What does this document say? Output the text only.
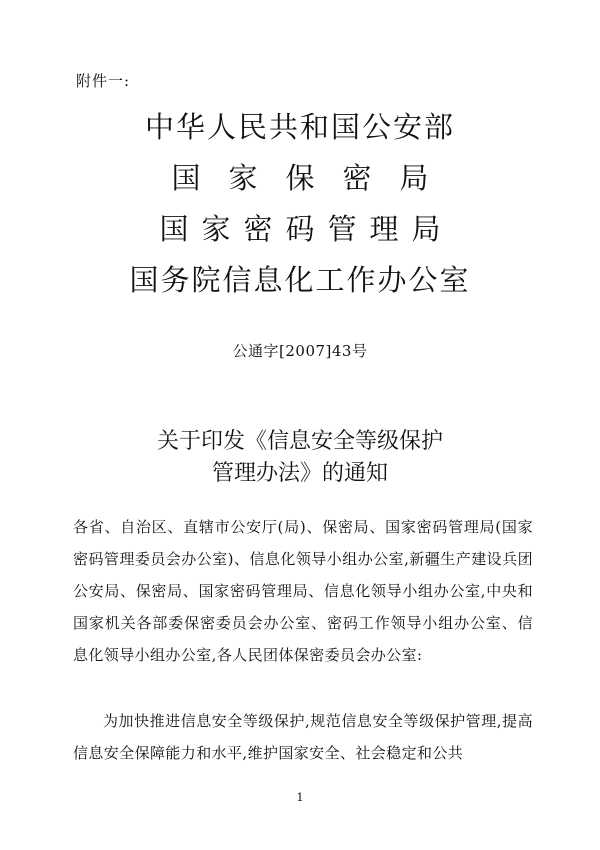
附件一:
中华人民共和国公安部
国家保密局
国家密码管理局
国务院信息化工作办公室
公通字[2007]43号
关于印发《信息安全等级保护
管理办法》的通知

各省、自治区、直辖市公安厅(局)、保密局、国家密码管理局(国家密码管理委员会办公室)、信息化领导小组办公室,新疆生产建设兵团公安局、保密局、国家密码管理局、信息化领导小组办公室,中央和国家机关各部委保密委员会办公室、密码工作领导小组办公室、信息化领导小组办公室,各人民团体保密委员会办公室:

为加快推进信息安全等级保护,规范信息安全等级保护管理,提高信息安全保障能力和水平,维护国家安全、社会稳定和公共

1
